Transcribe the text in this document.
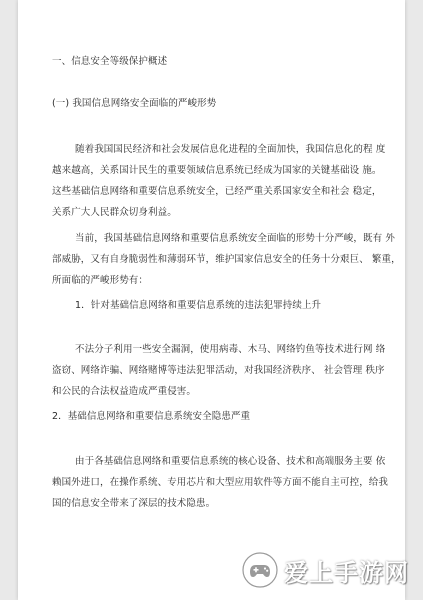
一、信息安全等级保护概述
(一) 我国信息网络安全面临的严峻形势
随着我国国民经济和社会发展信息化进程的全面加快，我国信息化的程 度
越来越高，关系国计民生的重要领域信息系统已经成为国家的关键基础设 施。
这些基础信息网络和重要信息系统安全，已经严重关系国家安全和社会 稳定，
关系广大人民群众切身利益。
当前，我国基础信息网络和重要信息系统安全面临的形势十分严峻，既有 外
部威胁，又有自身脆弱性和薄弱环节，维护国家信息安全的任务十分艰巨、 繁重，
所面临的严峻形势有：
1．针对基础信息网络和重要信息系统的违法犯罪持续上升
不法分子利用一些安全漏洞，使用病毒、木马、网络钓鱼等技术进行网 络
盗窃、网络诈骗、网络赌博等违法犯罪活动，对我国经济秩序、 社会管理 秩序
和公民的合法权益造成严重侵害。
2．基础信息网络和重要信息系统安全隐患严重
由于各基础信息网络和重要信息系统的核心设备、技术和高端服务主要 依
赖国外进口，在操作系统、专用芯片和大型应用软件等方面不能自主可控，给我
国的信息安全带来了深层的技术隐患。
爱上手游网
